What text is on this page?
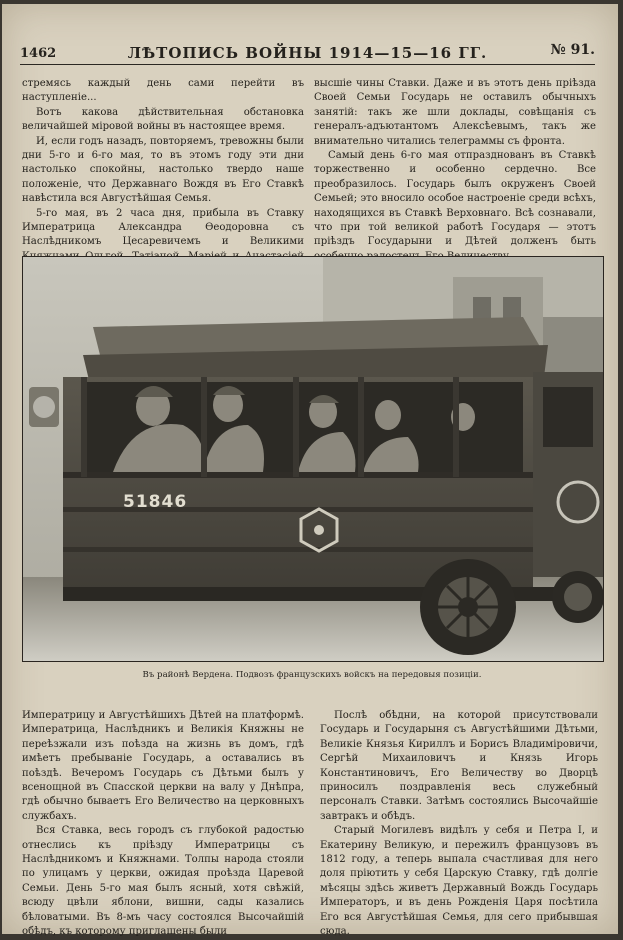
1462	ЛѢТОПИСЬ ВОЙНЫ 1914—15—16 ГГ.	№ 91.

стремясь каждый день сами перейти въ наступленіе...

Вотъ какова дѣйствительная обстановка величайшей міровой войны въ настоящее время.

И, если годъ назадъ, повторяемъ, тревожны были дни 5-го и 6-го мая, то въ этомъ году эти дни настолько спокойны, настолько твердо наше положеніе, что Державнаго Вождя въ Его Ставкѣ навѣстила вся Августѣйшая Семья.

5-го мая, въ 2 часа дня, прибыла въ Ставку Императрица Александра Ѳеодоровна съ Наслѣдникомъ Цесаревичемъ и Великими

высшіе чины Ставки. Даже и въ этотъ день пріѣзда Своей Семьи Государь не оставилъ обычныхъ занятій: такъ же шли доклады, совѣщанія съ генералъ-адъютантомъ Алексѣевымъ, такъ же внимательно читались телеграммы съ фронта.

Самый день 6-го мая отпразднованъ въ Ставкѣ торжественно и особенно сердечно. Все преобразилось. Государь былъ окруженъ Своей Семьей; это вносило особое настроеніе среди всѣхъ, находящихся въ Ставкѣ Верховнаго. Всѣ сознавали, что при той великой работѣ Государя — этотъ пріѣздъ Государыни и Дѣтей долженъ быть

51846
Въ районѣ Вердена. Подвозъ французскихъ войскъ на передовыя позиціи.

Императрицу и Августѣйшихъ Дѣтей на платформѣ. Императрица, Наслѣдникъ и Великія Княжны не переѣзжали изъ поѣзда на жизнь въ домъ, гдѣ имѣетъ пребываніе Государь, а оставались въ поѣздѣ. Вечеромъ Государь съ Дѣтьми былъ у всенощной въ Спасской церкви на валу у Днѣпра, гдѣ обычно бываетъ Его Величество на церковныхъ службахъ.

Вся Ставка, весь городъ съ глубокой радостью отнеслись къ пріѣзду Императрицы съ Наслѣдникомъ и Княжнами. Толпы народа стояли по улицамъ у церкви, ожидая проѣзда Царевой Семьи. День 5-го мая былъ ясный, хотя свѣжій, всюду цвѣли яблони, вишни, сады казались бѣловатыми. Въ 8-мъ часу состоялся Высочайшій обѣдъ, къ которому приглашены были

Послѣ обѣдни, на которой присутствовали Государь и Государыня съ Августѣйшими Дѣтьми, Великіе Князья Кириллъ и Борисъ Владиміровичи, Сергѣй Михаиловичъ и Князь Игорь Константиновичъ, Его Величеству во Дворцѣ приносилъ поздравленія весь служебный персоналъ Ставки. Затѣмъ состоялись Высочайшіе завтракъ и обѣдъ.

Старый Могилевъ видѣлъ у себя и Петра I, и Екатерину Великую, и пережилъ французовъ въ 1812 году, а теперь выпала счастливая для него доля пріютить у себя Царскую Ставку, гдѣ долгіе мѣсяцы здѣсь живетъ Державный Вождь Государь Императоръ, и въ день Рожденія Царя посѣтила Его вся Августѣйшая Семья, для сего прибывшая сюда.
